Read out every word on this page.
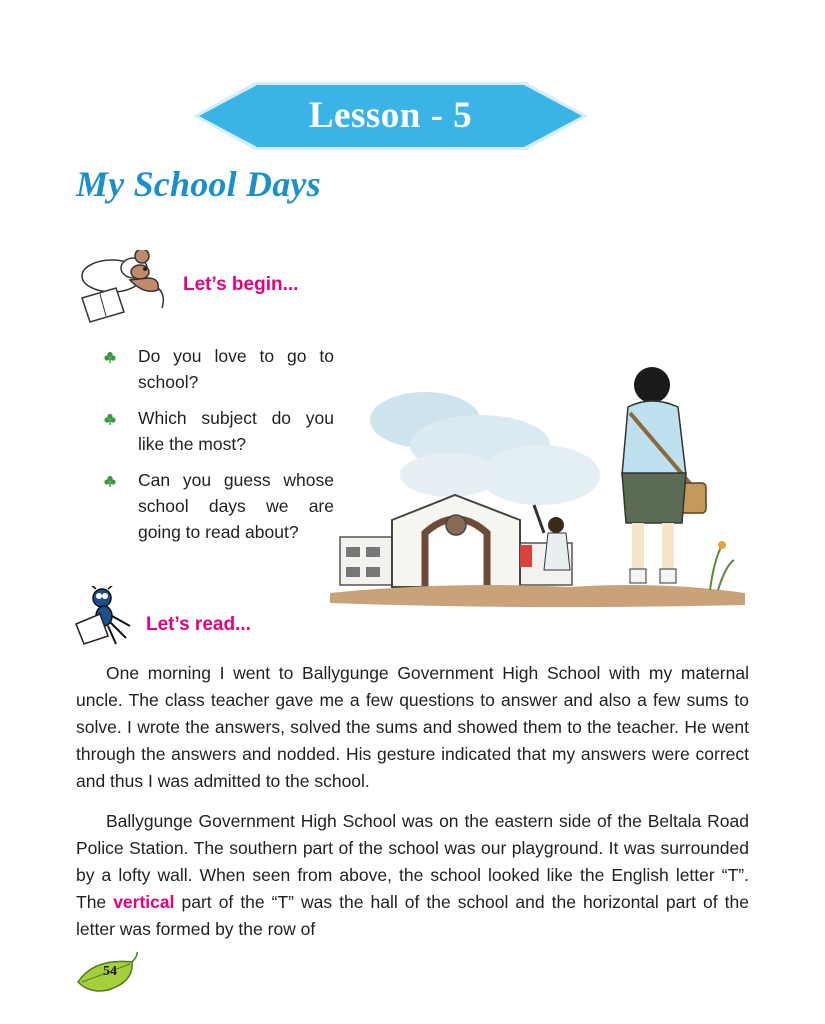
Lesson - 5
My School Days
Let’s begin...
Do you love to go to school?
Which subject do you like the most?
Can you guess whose school days we are going to read about?
Let’s read...

One morning I went to Ballygunge Government High School with my maternal uncle. The class teacher gave me a few questions to answer and also a few sums to solve. I wrote the answers, solved the sums and showed them to the teacher. He went through the answers and nodded. His gesture indicated that my answers were correct and thus I was admitted to the school.

Ballygunge Government High School was on the eastern side of the Beltala Road Police Station. The southern part of the school was our playground. It was surrounded by a lofty wall. When seen from above, the school looked like the English letter “T”. The vertical part of the “T” was the hall of the school and the horizontal part of the letter was formed by the row of

54
